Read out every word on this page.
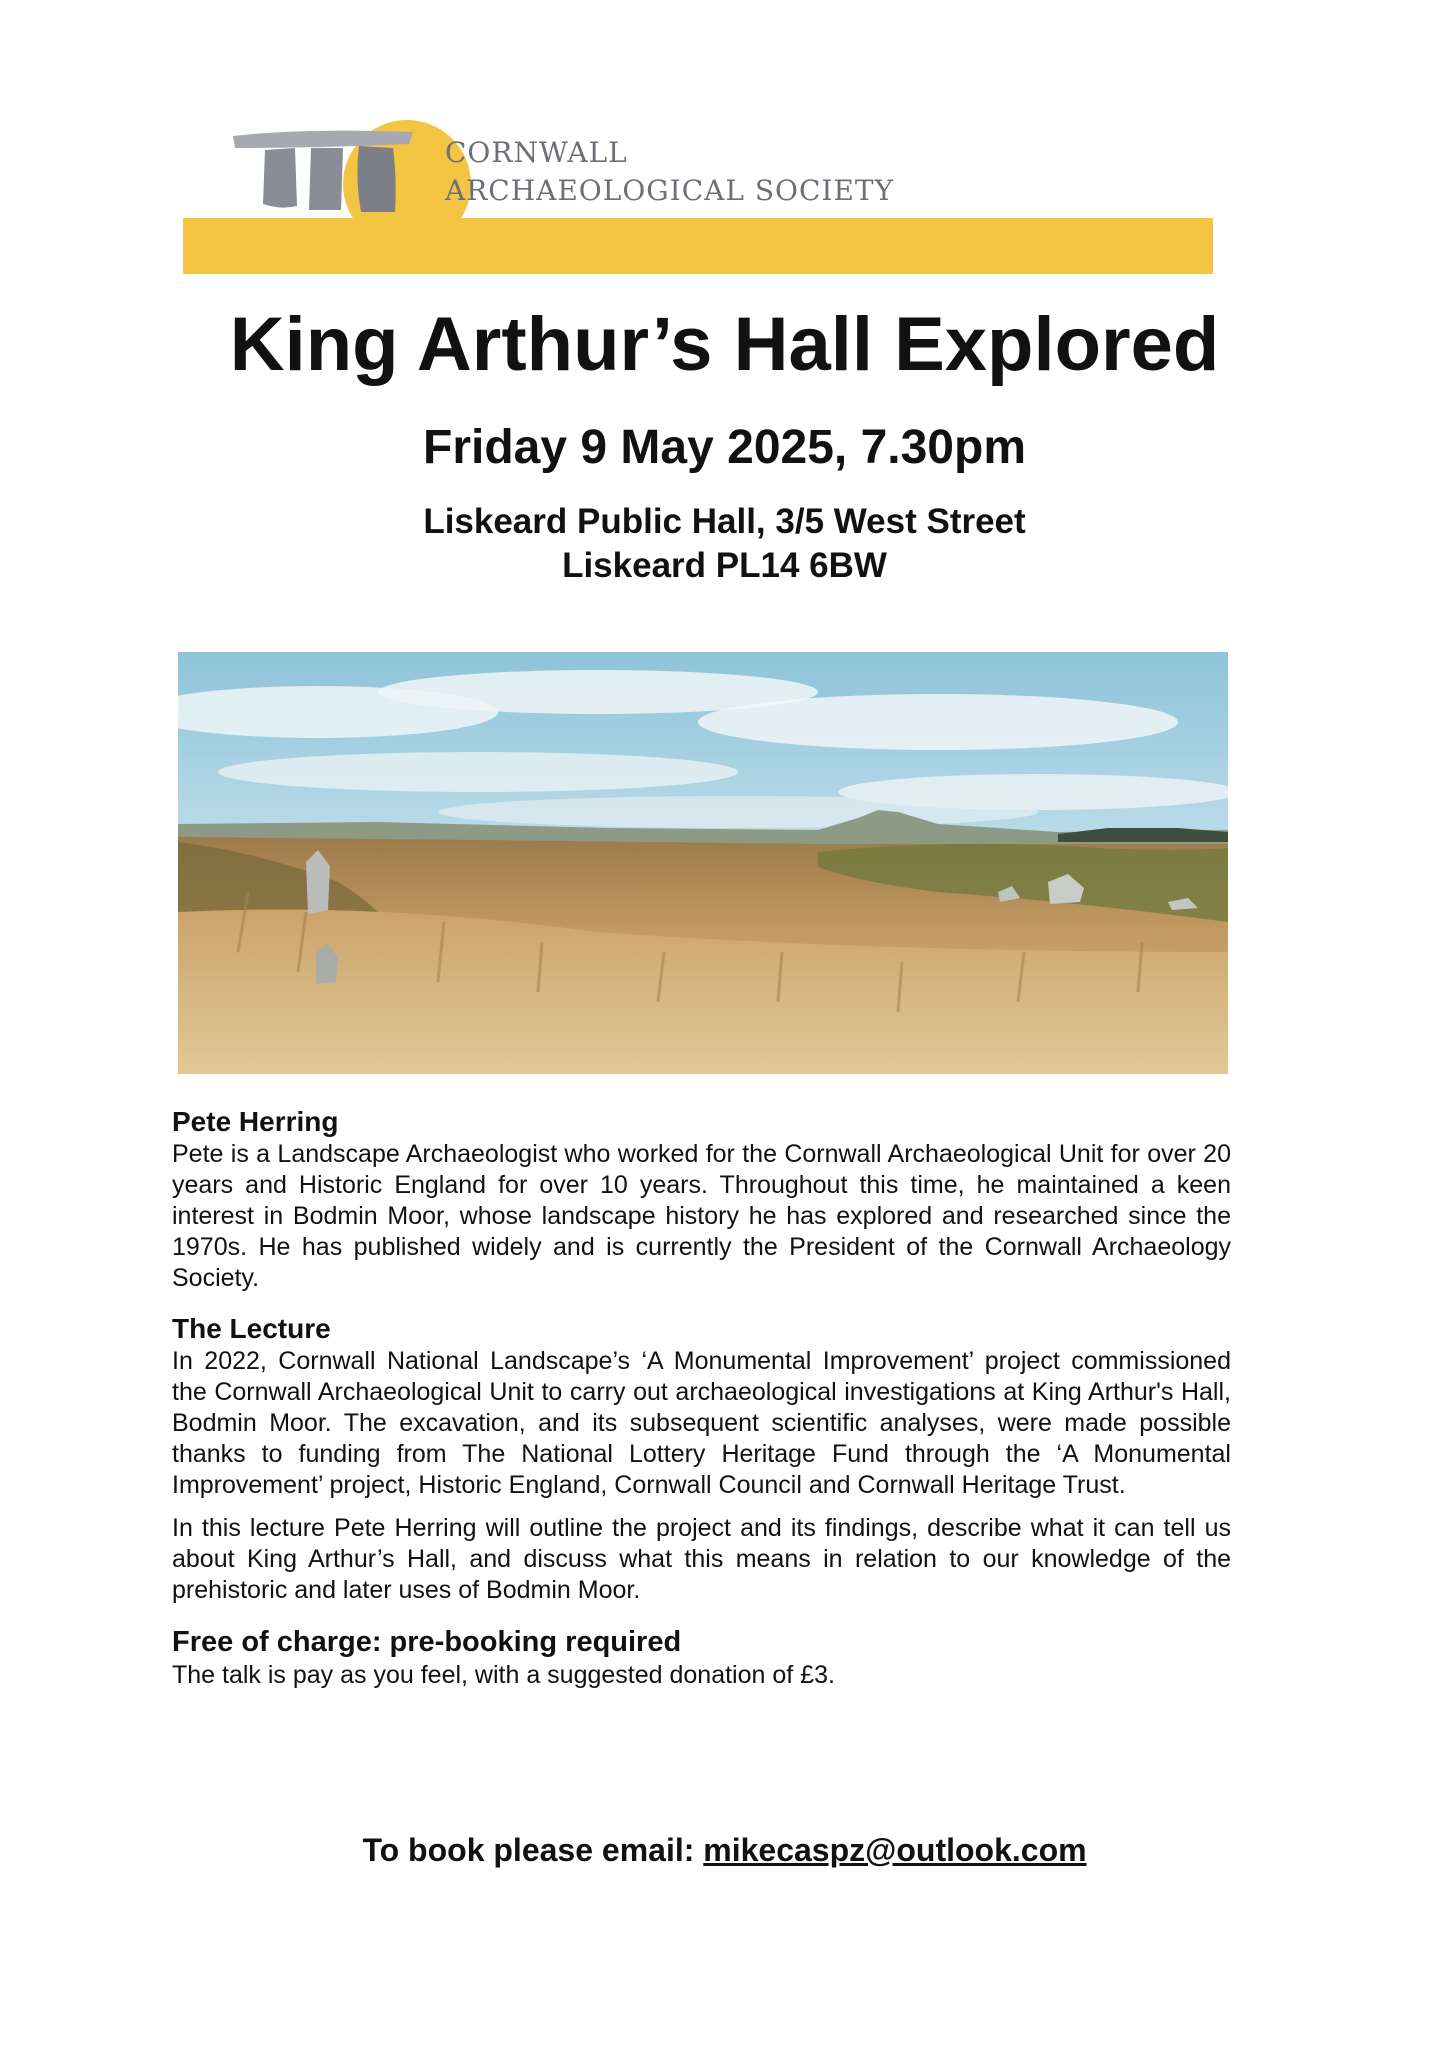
CORNWALL
ARCHAEOLOGICAL SOCIETY
King Arthur’s Hall Explored
Friday 9 May 2025, 7.30pm
Liskeard Public Hall, 3/5 West Street
Liskeard PL14 6BW

Pete Herring

Pete is a Landscape Archaeologist who worked for the Cornwall Archaeological Unit for over 20 years and Historic England for over 10 years. Throughout this time, he maintained a keen interest in Bodmin Moor, whose landscape history he has explored and researched since the 1970s. He has published widely and is currently the President of the Cornwall Archaeology Society.

The Lecture

In 2022, Cornwall National Landscape’s ‘A Monumental Improvement’ project commissioned the Cornwall Archaeological Unit to carry out archaeological investigations at King Arthur's Hall, Bodmin Moor. The excavation, and its subsequent scientific analyses, were made possible thanks to funding from The National Lottery Heritage Fund through the ‘A Monumental Improvement’ project, Historic England, Cornwall Council and Cornwall Heritage Trust.

In this lecture Pete Herring will outline the project and its findings, describe what it can tell us about King Arthur’s Hall, and discuss what this means in relation to our knowledge of the prehistoric and later uses of Bodmin Moor.

Free of charge: pre-booking required

The talk is pay as you feel, with a suggested donation of £3.

To book please email: mikecaspz@outlook.com
